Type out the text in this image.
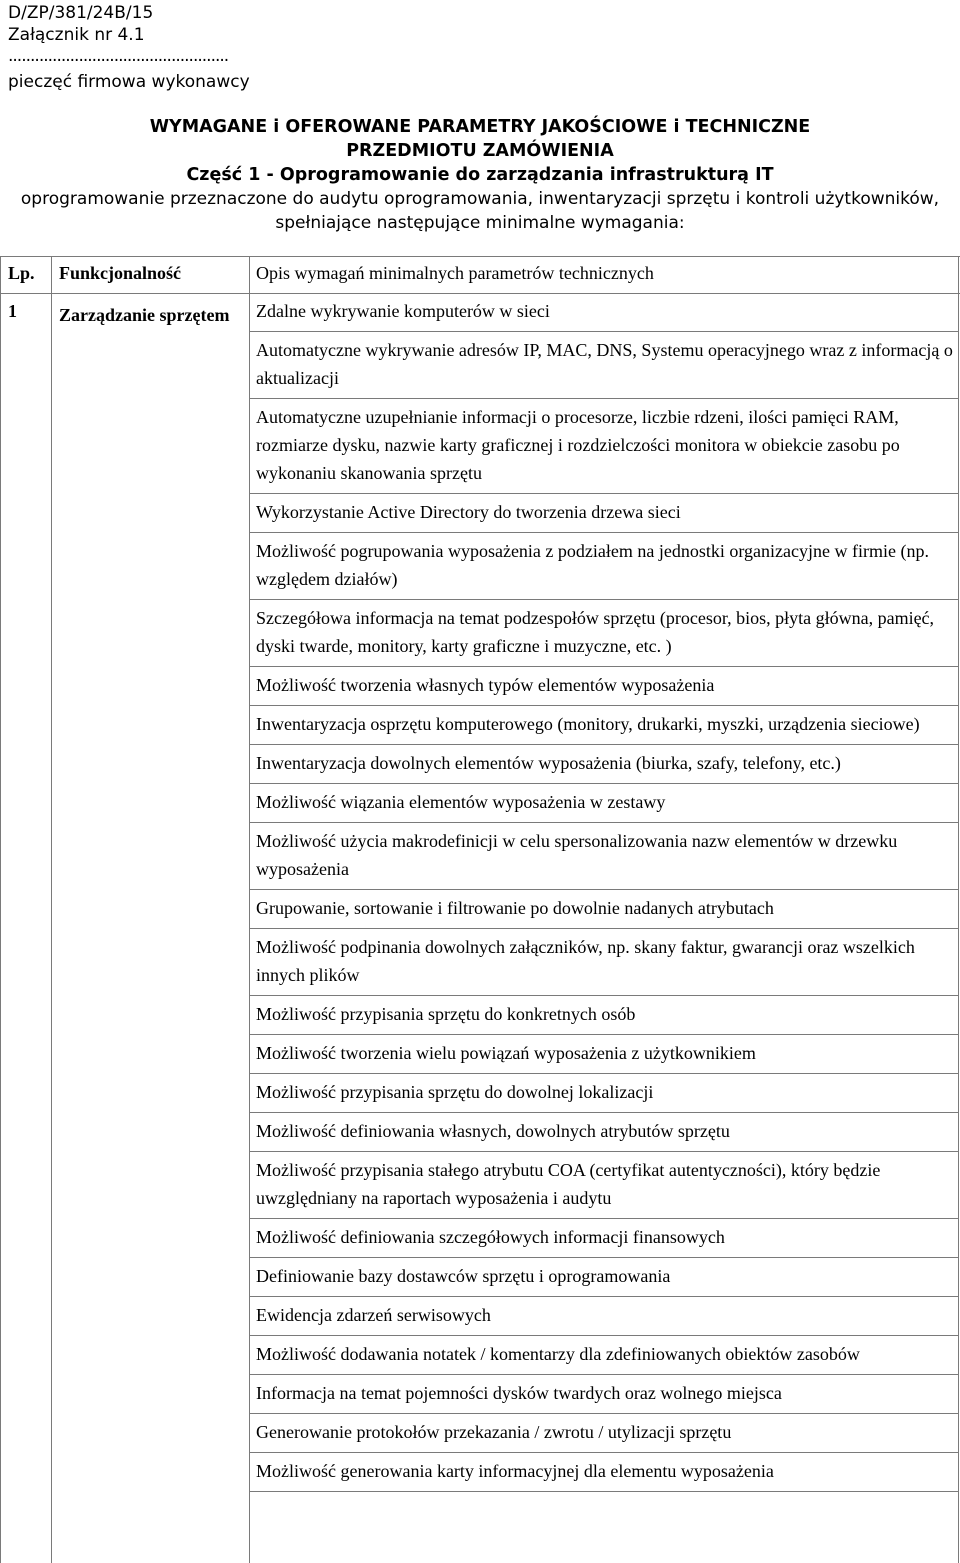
D/ZP/381/24B/15
Załącznik nr 4.1
..................................................
pieczęć firmowa wykonawcy
WYMAGANE i OFEROWANE PARAMETRY JAKOŚCIOWE i TECHNICZNE
PRZEDMIOTU ZAMÓWIENIA
Część 1 - Oprogramowanie do zarządzania infrastrukturą IT
oprogramowanie przeznaczone do audytu oprogramowania, inwentaryzacji sprzętu i kontroli użytkowników,
spełniające następujące minimalne wymagania:
Lp. Funkcjonalność	Opis wymagań minimalnych parametrów technicznych
1 Zarządzanie sprzętem	Zdalne wykrywanie komputerów w sieci
Automatyczne wykrywanie adresów IP, MAC, DNS, Systemu operacyjnego wraz z informacją o aktualizacji
Automatyczne uzupełnianie informacji o procesorze, liczbie rdzeni, ilości pamięci RAM, rozmiarze dysku, nazwie karty graficznej i rozdzielczości monitora w obiekcie zasobu po wykonaniu skanowania sprzętu
Wykorzystanie Active Directory do tworzenia drzewa sieci
Możliwość pogrupowania wyposażenia z podziałem na jednostki organizacyjne w firmie (np. względem działów)
Szczegółowa informacja na temat podzespołów sprzętu (procesor, bios, płyta główna, pamięć, dyski twarde, monitory, karty graficzne i muzyczne, etc. )
Możliwość tworzenia własnych typów elementów wyposażenia
Inwentaryzacja osprzętu komputerowego (monitory, drukarki, myszki, urządzenia sieciowe)
Inwentaryzacja dowolnych elementów wyposażenia (biurka, szafy, telefony, etc.)
Możliwość wiązania elementów wyposażenia w zestawy
Możliwość użycia makrodefinicji w celu spersonalizowania nazw elementów w drzewku wyposażenia
Grupowanie, sortowanie i filtrowanie po dowolnie nadanych atrybutach
Możliwość podpinania dowolnych załączników, np. skany faktur, gwarancji oraz wszelkich innych plików
Możliwość przypisania sprzętu do konkretnych osób
Możliwość tworzenia wielu powiązań wyposażenia z użytkownikiem
Możliwość przypisania sprzętu do dowolnej lokalizacji
Możliwość definiowania własnych, dowolnych atrybutów sprzętu
Możliwość przypisania stałego atrybutu COA (certyfikat autentyczności), który będzie uwzględniany na raportach wyposażenia i audytu
Możliwość definiowania szczegółowych informacji finansowych
Definiowanie bazy dostawców sprzętu i oprogramowania
Ewidencja zdarzeń serwisowych
Możliwość dodawania notatek / komentarzy dla zdefiniowanych obiektów zasobów
Informacja na temat pojemności dysków twardych oraz wolnego miejsca
Generowanie protokołów przekazania / zwrotu / utylizacji sprzętu
Możliwość generowania karty informacyjnej dla elementu wyposażenia
